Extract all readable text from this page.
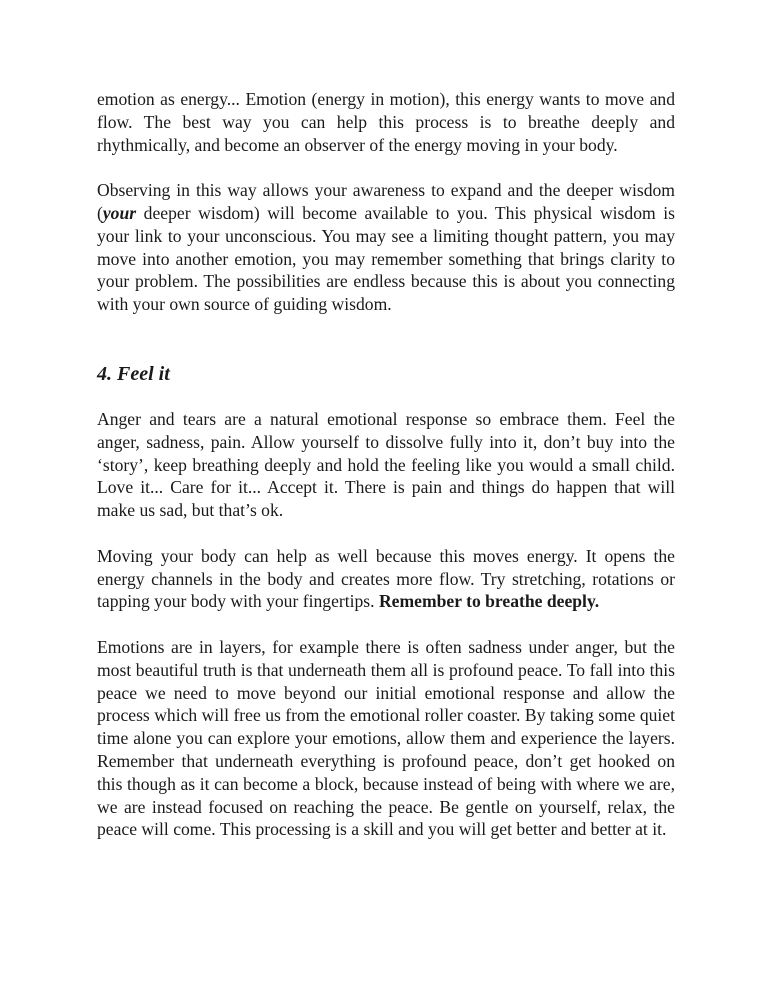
emotion as energy... Emotion (energy in motion), this energy wants to move and flow. The best way you can help this process is to breathe deeply and rhythmically, and become an observer of the energy moving in your body.

Observing in this way allows your awareness to expand and the deeper wisdom (your deeper wisdom) will become available to you. This physical wisdom is your link to your unconscious. You may see a limiting thought pattern, you may move into another emotion, you may remember something that brings clarity to your problem. The possibilities are endless because this is about you connecting with your own source of guiding wisdom.

4. Feel it

Anger and tears are a natural emotional response so embrace them. Feel the anger, sadness, pain. Allow yourself to dissolve fully into it, don’t buy into the ‘story’, keep breathing deeply and hold the feeling like you would a small child. Love it... Care for it... Accept it. There is pain and things do happen that will make us sad, but that’s ok.

Moving your body can help as well because this moves energy. It opens the energy channels in the body and creates more flow. Try stretching, rotations or tapping your body with your fingertips. Remember to breathe deeply.

Emotions are in layers, for example there is often sadness under anger, but the most beautiful truth is that underneath them all is profound peace. To fall into this peace we need to move beyond our initial emotional response and allow the process which will free us from the emotional roller coaster. By taking some quiet time alone you can explore your emotions, allow them and experience the layers. Remember that underneath everything is profound peace, don’t get hooked on this though as it can become a block, because instead of being with where we are, we are instead focused on reaching the peace. Be gentle on yourself, relax, the peace will come. This processing is a skill and you will get better and better at it.
